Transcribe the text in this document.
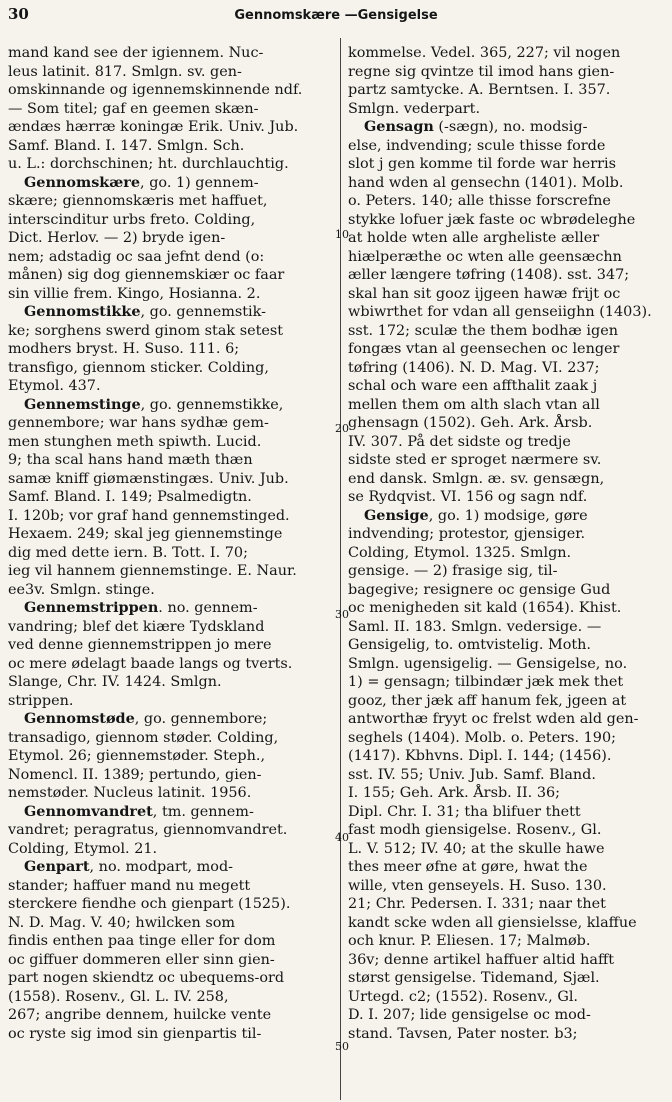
30	Gennomskære —Gensigelse
mand kand see der igiennem. Nuc-
leus latinit. 817. Smlgn. sv. gen-
omskinnande og igennemskinnende ndf.
— Som titel; gaf en geemen skæn-
ændæs hærræ koningæ Erik. Univ. Jub.
Samf. Bland. I. 147. Smlgn. Sch.
u. L.: dorchschinen; ht. durchlauchtig.
Gennomskære, go. 1) gennem-
skære; giennomskæris met haffuet,
interscinditur urbs freto. Colding,
Dict. Herlov. — 2) bryde igen-
nem; adstadig oc saa jefnt dend (o:
månen) sig dog giennemskiær oc faar
sin villie frem. Kingo, Hosianna. 2.
Gennomstikke, go. gennemstik-
ke; sorghens swerd ginom stak setest
modhers bryst. H. Suso. 111. 6;
transfigo, giennom sticker. Colding,
Etymol. 437.
Gennemstinge, go. gennemstikke,
gennembore; war hans sydhæ gem-
men stunghen meth spiwth. Lucid.
9; tha scal hans hand mæth thæn
samæ kniff giømænstingæs. Univ. Jub.
Samf. Bland. I. 149; Psalmedigtn.
I. 120b; vor graf hand gennemstinged.
Hexaem. 249; skal jeg giennemstinge
dig med dette iern. B. Tott. I. 70;
ieg vil hannem giennemstinge. E. Naur.
ee3v. Smlgn. stinge.
Gennemstrippen. no. gennem-
vandring; blef det kiære Tydskland
ved denne giennemstrippen jo mere
oc mere ødelagt baade langs og tverts.
Slange, Chr. IV. 1424. Smlgn.
strippen.
Gennomstøde, go. gennembore;
transadigo, giennom støder. Colding,
Etymol. 26; giennemstøder. Steph.,
Nomencl. II. 1389; pertundo, gien-
nemstøder. Nucleus latinit. 1956.
Gennomvandret, tm. gennem-
vandret; peragratus, giennomvandret.
Colding, Etymol. 21.
Genpart, no. modpart, mod-
stander; haffuer mand nu megett
sterckere fiendhe och gienpart (1525).
N. D. Mag. V. 40; hwilcken som
findis enthen paa tinge eller for dom
oc giffuer dommeren eller sinn gien-
part nogen skiendtz oc ubequems-ord
(1558). Rosenv., Gl. L. IV. 258,
267; angribe dennem, huilcke vente
oc ryste sig imod sin gienpartis til-
kommelse. Vedel. 365, 227; vil nogen
regne sig qvintze til imod hans gien-
partz samtycke. A. Berntsen. I. 357.
Smlgn. vederpart.
Gensagn (-sægn), no. modsig-
else, indvending; scule thisse forde
slot j gen komme til forde war herris
hand wden al gensechn (1401). Molb.
o. Peters. 140; alle thisse forscrefne
stykke lofuer jæk faste oc wbrødeleghe
at holde wten alle argheliste æller
hiælperæthe oc wten alle geensæchn
æller længere tøfring (1408). sst. 347;
skal han sit gooz ijgeen hawæ frijt oc
wbiwrthet for vdan all genseiighn (1403).
sst. 172; sculæ the them bodhæ igen
fongæs vtan al geensechen oc lenger
tøfring (1406). N. D. Mag. VI. 237;
schal och ware een affthalit zaak j
mellen them om alth slach vtan all
ghensagn (1502). Geh. Ark. Årsb.
IV. 307. På det sidste og tredje
sidste sted er sproget nærmere sv.
end dansk. Smlgn. æ. sv. gensægn,
se Rydqvist. VI. 156 og sagn ndf.
Gensige, go. 1) modsige, gøre
indvending; protestor, gjensiger.
Colding, Etymol. 1325. Smlgn.
gensige. — 2) frasige sig, til-
bagegive; resignere oc gensige Gud
oc menigheden sit kald (1654). Khist.
Saml. II. 183. Smlgn. vedersige. —
Gensigelig, to. omtvistelig. Moth.
Smlgn. ugensigelig. — Gensigelse, no.
1) = gensagn; tilbindær jæk mek thet
gooz, ther jæk aff hanum fek, jgeen at
antworthæ fryyt oc frelst wden ald gen-
seghels (1404). Molb. o. Peters. 190;
(1417). Kbhvns. Dipl. I. 144; (1456).
sst. IV. 55; Univ. Jub. Samf. Bland.
I. 155; Geh. Ark. Årsb. II. 36;
Dipl. Chr. I. 31; tha blifuer thett
fast modh giensigelse. Rosenv., Gl.
L. V. 512; IV. 40; at the skulle hawe
thes meer øfne at gøre, hwat the
wille, vten genseyels. H. Suso. 130.
21; Chr. Pedersen. I. 331; naar thet
kandt scke wden all giensielsse, klaffue
och knur. P. Eliesen. 17; Malmøb.
36v; denne artikel haffuer altid hafft
størst gensigelse. Tidemand, Sjæl.
Urtegd. c2; (1552). Rosenv., Gl.
D. I. 207; lide gensigelse oc mod-
stand. Tavsen, Pater noster. b3;
10
20
30
40
50
